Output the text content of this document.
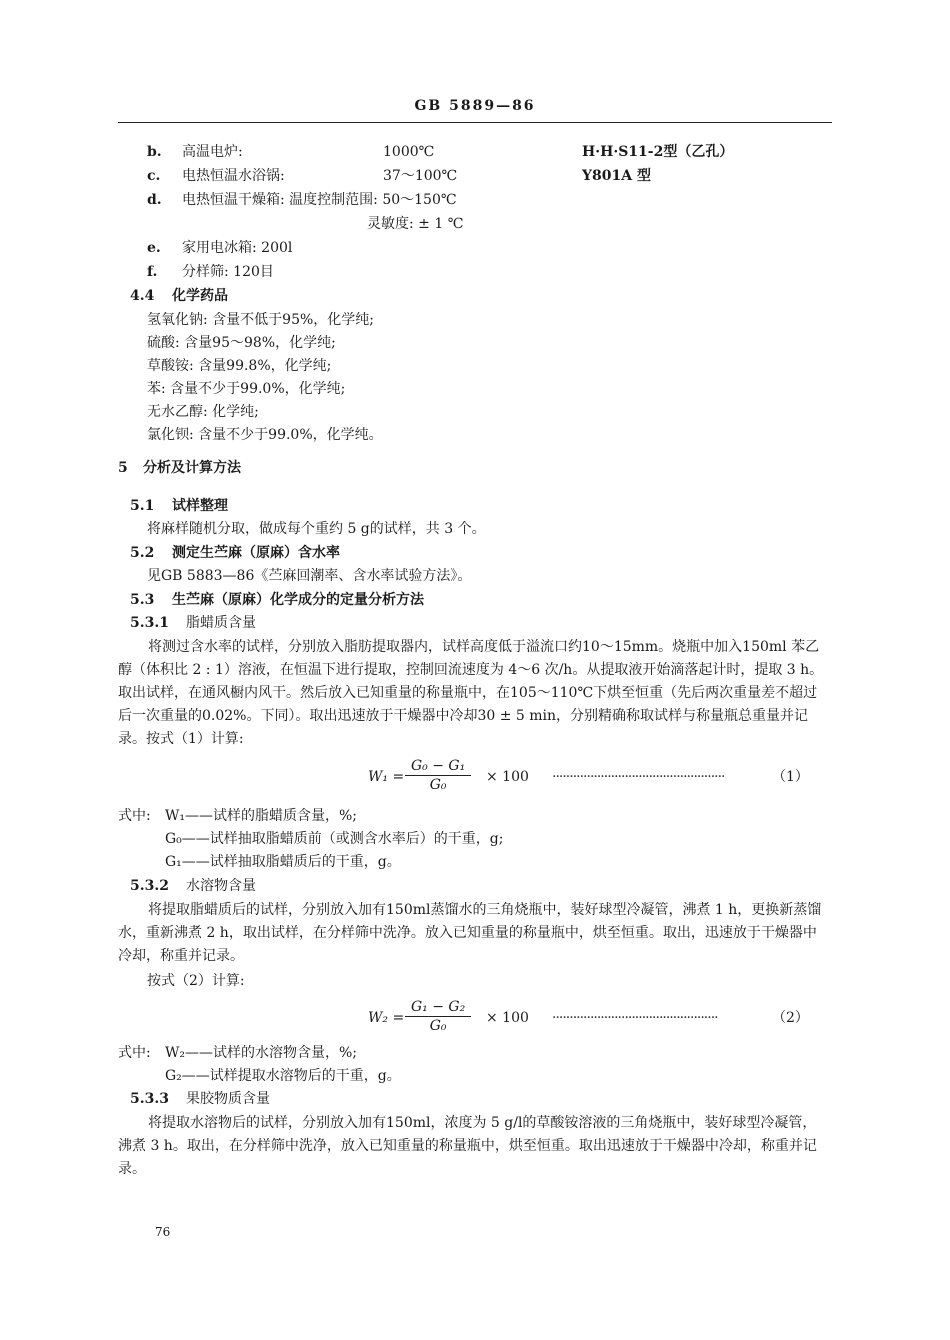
GB 5889—86
b. 高温电炉:	1000℃	H·H·S11-2型（乙孔）
c. 电热恒温水浴锅:	37～100℃	Y801A 型
d. 电热恒温干燥箱: 温度控制范围: 50～150℃
灵敏度: ± 1 ℃
e. 家用电冰箱: 200l
f. 分样筛: 120目
4.4 化学药品
氢氧化钠: 含量不低于95%，化学纯;
硫酸: 含量95～98%，化学纯;
草酸铵: 含量99.8%，化学纯;
苯: 含量不少于99.0%，化学纯;
无水乙醇: 化学纯;
氯化钡: 含量不少于99.0%，化学纯。
5 分析及计算方法
5.1 试样整理
将麻样随机分取，做成每个重约 5 g的试样，共 3 个。
5.2 测定生苎麻（原麻）含水率
见GB 5883—86《苎麻回潮率、含水率试验方法》。
5.3 生苎麻（原麻）化学成分的定量分析方法
5.3.1 脂蜡质含量
将测过含水率的试样，分别放入脂肪提取器内，试样高度低于溢流口约10～15mm。烧瓶中加入150ml 苯乙醇（体积比 2 : 1）溶液，在恒温下进行提取，控制回流速度为 4～6 次/h。从提取液开始滴落起计时，提取 3 h。取出试样，在通风橱内风干。然后放入已知重量的称量瓶中，在105～110℃下烘至恒重（先后两次重量差不超过后一次重量的0.02%。下同）。取出迅速放于干燥器中冷却30 ± 5 min，分别精确称取试样与称量瓶总重量并记录。按式（1）计算:
$W_1 = \frac{\text{G₀ − G₁}}{\text{G₀}} \times 100$ ··················································	（1）
式中: W₁——试样的脂蜡质含量，%;
G₀——试样抽取脂蜡质前（或测含水率后）的干重，g;
G₁——试样抽取脂蜡质后的干重，g。
5.3.2 水溶物含量
将提取脂蜡质后的试样，分别放入加有150ml蒸馏水的三角烧瓶中，装好球型冷凝管，沸煮 1 h，更换新蒸馏水，重新沸煮 2 h，取出试样，在分样筛中洗净。放入已知重量的称量瓶中，烘至恒重。取出，迅速放于干燥器中冷却，称重并记录。
按式（2）计算:
$W_2 = \frac{\text{G₁ − G₂}}{\text{G₀}} \times 100$ ················································	（2）
式中: W₂——试样的水溶物含量，%;
G₂——试样提取水溶物后的干重，g。
5.3.3 果胶物质含量
将提取水溶物后的试样，分别放入加有150ml，浓度为 5 g/l的草酸铵溶液的三角烧瓶中，装好球型冷凝管，沸煮 3 h。取出，在分样筛中洗净，放入已知重量的称量瓶中，烘至恒重。取出迅速放于干燥器中冷却，称重并记录。
76
